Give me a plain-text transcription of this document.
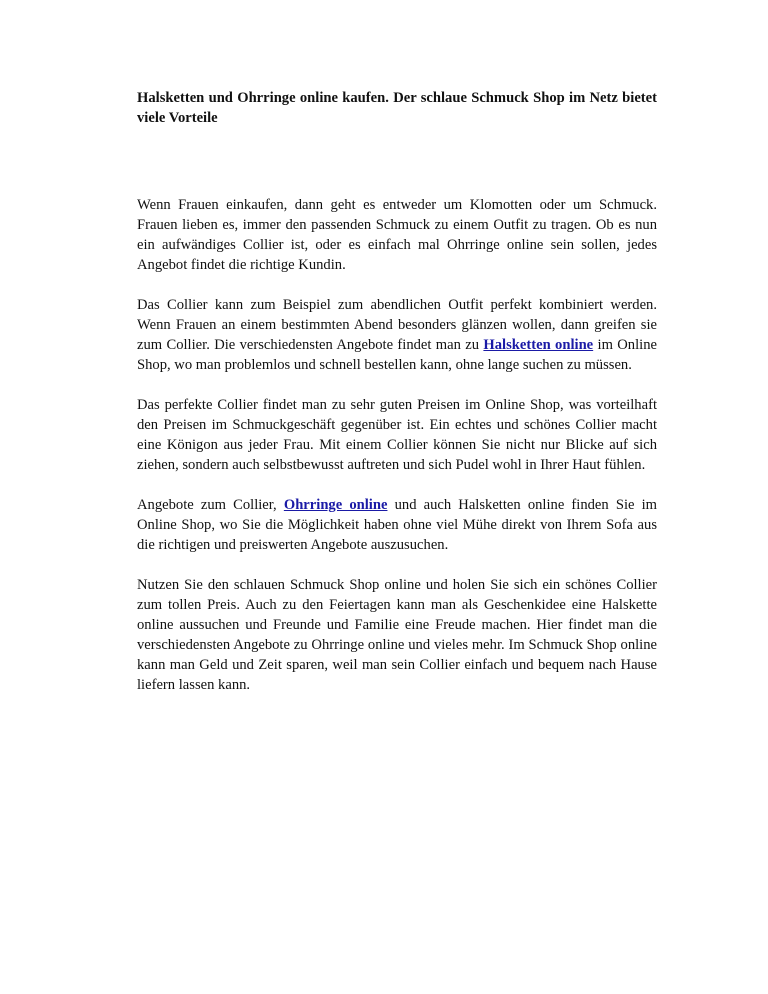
Halsketten und Ohrringe online kaufen. Der schlaue Schmuck Shop im Netz bietet viele Vorteile

Wenn Frauen einkaufen, dann geht es entweder um Klomotten oder um Schmuck. Frauen lieben es, immer den passenden Schmuck zu einem Outfit zu tragen. Ob es nun ein aufwändiges Collier ist, oder es einfach mal Ohrringe online sein sollen, jedes Angebot findet die richtige Kundin.

Das Collier kann zum Beispiel zum abendlichen Outfit perfekt kombiniert werden. Wenn Frauen an einem bestimmten Abend besonders glänzen wollen, dann greifen sie zum Collier. Die verschiedensten Angebote findet man zu Halsketten online im Online Shop, wo man problemlos und schnell bestellen kann, ohne lange suchen zu müssen.

Das perfekte Collier findet man zu sehr guten Preisen im Online Shop, was vorteilhaft den Preisen im Schmuckgeschäft gegenüber ist. Ein echtes und schönes Collier macht eine Königon aus jeder Frau. Mit einem Collier können Sie nicht nur Blicke auf sich ziehen, sondern auch selbstbewusst auftreten und sich Pudel wohl in Ihrer Haut fühlen.

Angebote zum Collier, Ohrringe online und auch Halsketten online finden Sie im Online Shop, wo Sie die Möglichkeit haben ohne viel Mühe direkt von Ihrem Sofa aus die richtigen und preiswerten Angebote auszusuchen.

Nutzen Sie den schlauen Schmuck Shop online und holen Sie sich ein schönes Collier zum tollen Preis. Auch zu den Feiertagen kann man als Geschenkidee eine Halskette online aussuchen und Freunde und Familie eine Freude machen. Hier findet man die verschiedensten Angebote zu Ohrringe online und vieles mehr. Im Schmuck Shop online kann man Geld und Zeit sparen, weil man sein Collier einfach und bequem nach Hause liefern lassen kann.
